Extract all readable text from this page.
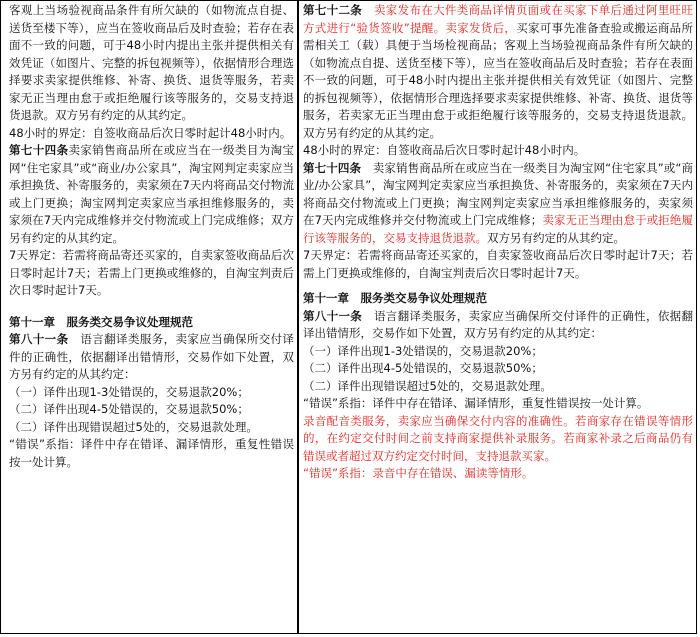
客观上当场验视商品条件有所欠缺的（如物流点自提、送货至楼下等），应当在签收商品后及时查验；若存在表面不一致的问题，可于48小时内提出主张并提供相关有效凭证（如图片、完整的拆包视频等），依据情形合理选择要求卖家提供维修、补寄、换货、退货等服务，若卖家无正当理由怠于或拒绝履行该等服务的，交易支持退货退款。双方另有约定的从其约定。

48小时的界定：自签收商品后次日零时起计48小时内。

第七十四条卖家销售商品所在或应当在一级类目为淘宝网“住宅家具”或“商业/办公家具”，淘宝网判定卖家应当承担换货、补寄服务的，卖家须在7天内将商品交付物流或上门更换；淘宝网判定卖家应当承担维修服务的，卖家须在7天内完成维修并交付物流或上门完成维修；双方另有约定的从其约定。

7天界定：若需将商品寄还买家的，自卖家签收商品后次日零时起计7天；若需上门更换或维修的，自淘宝判责后次日零时起计7天。

第十一章　服务类交易争议处理规范

第八十一条　 语言翻译类服务，卖家应当确保所交付译件的正确性，依据翻译出错情形，交易作如下处置，双方另有约定的从其约定：

（一）译件出现1-3处错误的，交易退款20%；

（二）译件出现4-5处错误的，交易退款50%；

（二）译件出现错误超过5处的，交易退款处理。

“错误”系指：译件中存在错译、漏译情形，重复性错误按一处计算。

第七十二条　 卖家发布在大件类商品详情页面或在买家下单后通过阿里旺旺方式进行“验货签收”提醒。卖家发货后，买家可事先准备查验或搬运商品所需相关工（载）具便于当场检视商品；客观上当场验视商品条件有所欠缺的（如物流点自提、送货至楼下等），应当在签收商品后及时查验；若存在表面不一致的问题，可于48小时内提出主张并提供相关有效凭证（如图片、完整的拆包视频等），依据情形合理选择要求卖家提供维修、补寄、换货、退货等服务，若卖家无正当理由怠于或拒绝履行该等服务的，交易支持退货退款。双方另有约定的从其约定。

48小时的界定：自签收商品后次日零时起计48小时内。

第七十四条　 卖家销售商品所在或应当在一级类目为淘宝网“住宅家具”或“商业/办公家具”，淘宝网判定卖家应当承担换货、补寄服务的，卖家须在7天内将商品交付物流或上门更换；淘宝网判定卖家应当承担维修服务的，卖家须在7天内完成维修并交付物流或上门完成维修；卖家无正当理由怠于或拒绝履行该等服务的，交易支持退货退款。双方另有约定的从其约定。

7天界定：若需将商品寄还买家的，自卖家签收商品后次日零时起计7天；若需上门更换或维修的，自淘宝判责后次日零时起计7天。

第十一章　服务类交易争议处理规范

第八十一条　 语言翻译类服务，卖家应当确保所交付译件的正确性，依据翻译出错情形，交易作如下处置，双方另有约定的从其约定：

（一）译件出现1-3处错误的，交易退款20%；

（二）译件出现4-5处错误的，交易退款50%；

（二）译件出现错误超过5处的，交易退款处理。

“错误”系指：译件中存在错译、漏译情形，重复性错误按一处计算。

录音配音类服务，卖家应当确保交付内容的准确性。若商家存在错误等情形的，在约定交付时间之前支持商家提供补录服务。若商家补录之后商品仍有错误或者超过双方约定交付时间，支持退款买家。

“错误”系指：录音中存在错误、漏读等情形。
